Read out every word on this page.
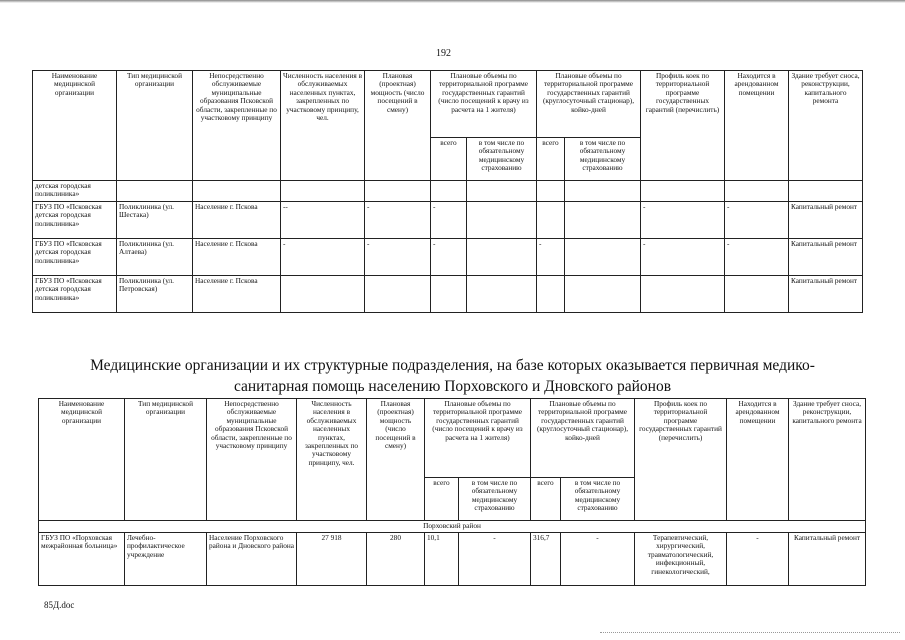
192
Наименование медицинской организации	Тип медицинской организации	Непосредственно обслуживаемые муниципальные образования Псковской области, закрепленные по участковому принципу	Численность населения в обслуживаемых населенных пунктах, закрепленных по участковому принципу, чел.	Плановая (проектная) мощность (число посещений в смену)	Плановые объемы по территориальной программе государственных гарантий (число посещений к врачу из расчета на 1 жителя)		Плановые объемы по территориальной программе государственных гарантий (круглосуточный стационар), койко-дней		Профиль коек по территориальной программе государственных гарантий (перечислить)	Находится в арендованном помещении	Здание требует сноса, реконструкции, капитального ремонта
					всего	в том числе по обязательному медицинскому страхованию	всего	в том числе по обязательному медицинскому страхованию			
детская городская поликлиника»											
ГБУЗ ПО «Псковская детская городская поликлиника»	Поликлиника (ул. Шестака)	Население г. Пскова	--	-	-				-	-	Капитальный ремонт
ГБУЗ ПО «Псковская детская городская поликлиника»	Поликлиника (ул. Алтаева)	Население г. Пскова	-	-	-		-		-	-	Капитальный ремонт
ГБУЗ ПО «Псковская детская городская поликлиника»	Поликлиника (ул. Петровская)	Население г. Пскова									Капитальный ремонт
Медицинские организации и их структурные подразделения, на базе которых оказывается первичная медико-
санитарная помощь населению Порховского и Дновского районов
Наименование медицинской организации	Тип медицинской организации	Непосредственно обслуживаемые муниципальные образования Псковской области, закрепленные по участковому принципу	Численность населения в обслуживаемых населенных пунктах, закрепленных по участковому принципу, чел.	Плановая (проектная) мощность (число посещений в смену)	Плановые объемы по территориальной программе государственных гарантий (число посещений к врачу из расчета на 1 жителя)		Плановые объемы по территориальной программе государственных гарантий (круглосуточный стационар), койко-дней		Профиль коек по территориальной программе государственных гарантий (перечислить)	Находится в арендованном помещении	Здание требует сноса, реконструкции, капитального ремонта
					всего	в том числе по обязательному медицинскому страхованию	всего	в том числе по обязательному медицинскому страхованию			
Порховский район											
ГБУЗ ПО «Порховская межрайонная больница»	Лечебно-профилактическое учреждение	Население Порховского района и Дновского района	27 918	280	10,1	-	316,7	-	Терапевтический, хирургический, травматологический, инфекционный, гинекологический,	-	Капитальный ремонт
85Д.doc
